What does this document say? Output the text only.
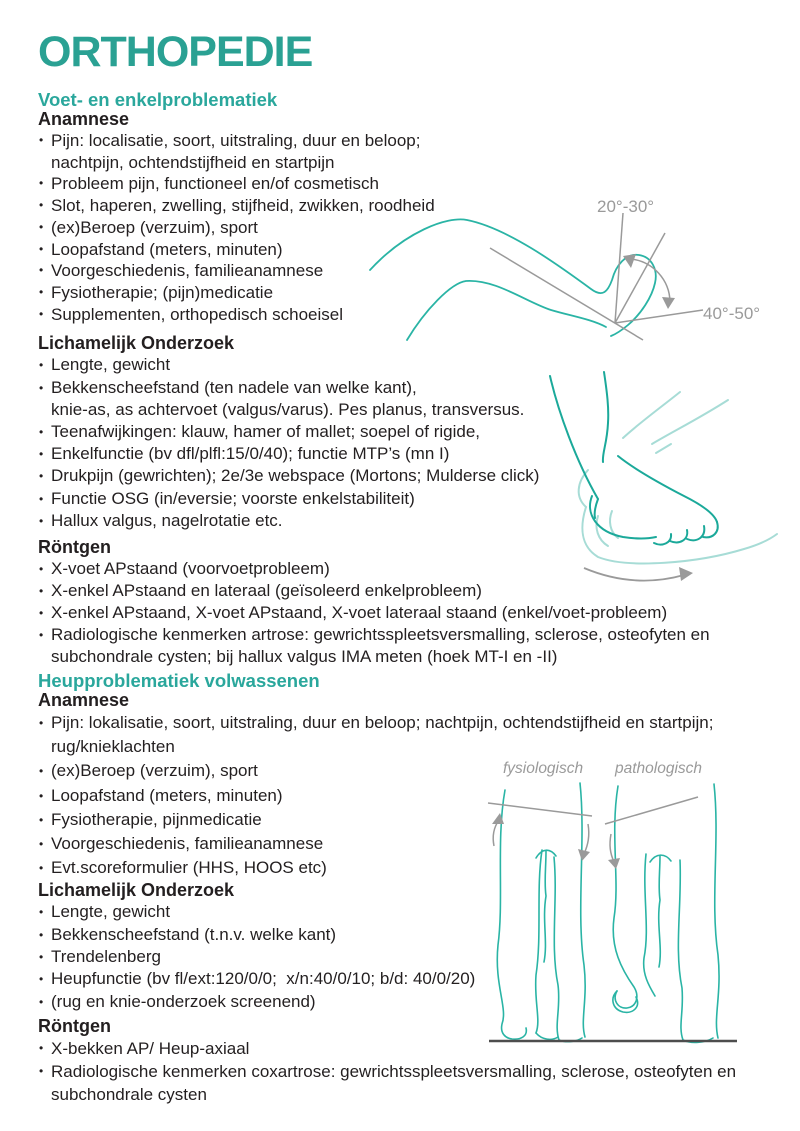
ORTHOPEDIE
Voet- en enkelproblematiek
Anamnese
• Pijn: localisatie, soort, uitstraling, duur en beloop;
nachtpijn, ochtendstijfheid en startpijn
• Probleem pijn, functioneel en/of cosmetisch
• Slot, haperen, zwelling, stijfheid, zwikken, roodheid
• (ex)Beroep (verzuim), sport
• Loopafstand (meters, minuten)
• Voorgeschiedenis, familieanamnese
• Fysiotherapie; (pijn)medicatie
• Supplementen, orthopedisch schoeisel
Lichamelijk Onderzoek
• Lengte, gewicht
• Bekkenscheefstand (ten nadele van welke kant),
knie-as, as achtervoet (valgus/varus). Pes planus, transversus.
• Teenafwijkingen: klauw, hamer of mallet; soepel of rigide,
• Enkelfunctie (bv dfl/plfl:15/0/40); functie MTP’s (mn I)
• Drukpijn (gewrichten); 2e/3e webspace (Mortons; Mulderse click)
• Functie OSG (in/eversie; voorste enkelstabiliteit)
• Hallux valgus, nagelrotatie etc.
Röntgen
• X-voet APstaand (voorvoetprobleem)
• X-enkel APstaand en lateraal (geïsoleerd enkelprobleem)
• X-enkel APstaand, X-voet APstaand, X-voet lateraal staand (enkel/voet-probleem)
• Radiologische kenmerken artrose: gewrichtsspleetsversmalling, sclerose, osteofyten en
subchondrale cysten; bij hallux valgus IMA meten (hoek MT-I en -II)
Heupproblematiek volwassenen
Anamnese
• Pijn: lokalisatie, soort, uitstraling, duur en beloop; nachtpijn, ochtendstijfheid en startpijn;
rug/knieklachten
• (ex)Beroep (verzuim), sport
• Loopafstand (meters, minuten)
• Fysiotherapie, pijnmedicatie
• Voorgeschiedenis, familieanamnese
• Evt.scoreformulier (HHS, HOOS etc)
Lichamelijk Onderzoek
• Lengte, gewicht
• Bekkenscheefstand (t.n.v. welke kant)
• Trendelenberg
• Heupfunctie (bv fl/ext:120/0/0;  x/n:40/0/10; b/d: 40/0/20)
• (rug en knie-onderzoek screenend)
Röntgen
• X-bekken AP/ Heup-axiaal
• Radiologische kenmerken coxartrose: gewrichtsspleetsversmalling, sclerose, osteofyten en
subchondrale cysten
20°-30°
40°-50°
fysiologisch pathologisch
